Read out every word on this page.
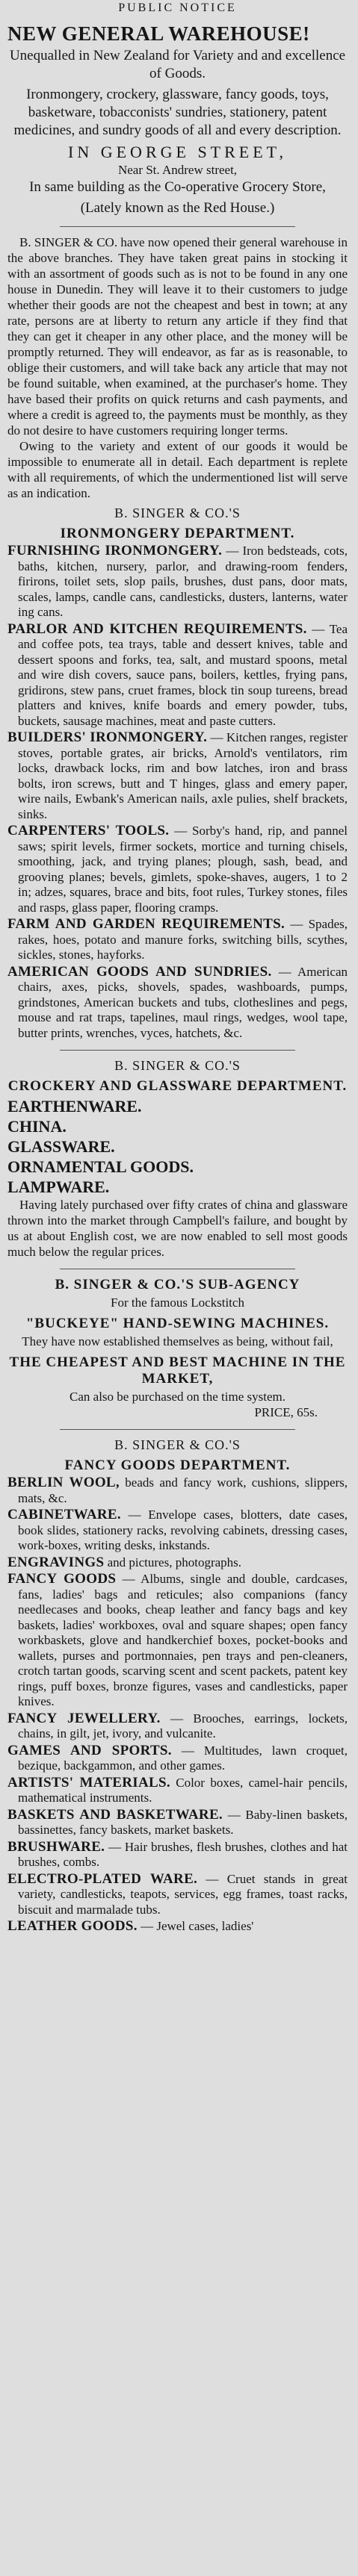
PUBLIC NOTICE
NEW GENERAL WAREHOUSE!

Unequalled in New Zealand for Variety and and excellence of Goods.

Ironmongery, crockery, glassware, fancy goods, toys, basketware, tobacconists' sundries, stationery, patent medicines, and sundry goods of all and every description.

IN GEORGE STREET,

Near St. Andrew street,

In same building as the Co-operative Grocery Store,

(Lately known as the Red House.)

B. SINGER & CO. have now opened their general warehouse in the above branches. They have taken great pains in stocking it with an assortment of goods such as is not to be found in any one house in Dunedin. They will leave it to their customers to judge whether their goods are not the cheapest and best in town; at any rate, persons are at liberty to return any article if they find that they can get it cheaper in any other place, and the money will be promptly returned. They will endeavor, as far as is reasonable, to oblige their customers, and will take back any article that may not be found suitable, when examined, at the purchaser's home. They have based their profits on quick returns and cash payments, and where a credit is agreed to, the payments must be monthly, as they do not desire to have customers requiring longer terms.

Owing to the variety and extent of our goods it would be impossible to enumerate all in detail. Each department is replete with all requirements, of which the undermentioned list will serve as an indication.

B. SINGER & CO.'S
IRONMONGERY DEPARTMENT.

FURNISHING IRONMONGERY. — Iron bedsteads, cots, baths, kitchen, nursery, parlor, and drawing-room fenders, firirons, toilet sets, slop pails, brushes, dust pans, door mats, scales, lamps, candle cans, candlesticks, dusters, lanterns, water ing cans.

PARLOR AND KITCHEN REQUIREMENTS. — Tea and coffee pots, tea trays, table and dessert knives, table and dessert spoons and forks, tea, salt, and mustard spoons, metal and wire dish covers, sauce pans, boilers, kettles, frying pans, gridirons, stew pans, cruet frames, block tin soup tureens, bread platters and knives, knife boards and emery powder, tubs, buckets, sausage machines, meat and paste cutters.

BUILDERS' IRONMONGERY. — Kitchen ranges, register stoves, portable grates, air bricks, Arnold's ventilators, rim locks, drawback locks, rim and bow latches, iron and brass bolts, iron screws, butt and T hinges, glass and emery paper, wire nails, Ewbank's American nails, axle pulies, shelf brackets, sinks.

CARPENTERS' TOOLS. — Sorby's hand, rip, and pannel saws; spirit levels, firmer sockets, mortice and turning chisels, smoothing, jack, and trying planes; plough, sash, bead, and grooving planes; bevels, gimlets, spoke-shaves, augers, 1 to 2 in; adzes, squares, brace and bits, foot rules, Turkey stones, files and rasps, glass paper, flooring cramps.

FARM AND GARDEN REQUIREMENTS. — Spades, rakes, hoes, potato and manure forks, switching bills, scythes, sickles, stones, hayforks.

AMERICAN GOODS AND SUNDRIES. — American chairs, axes, picks, shovels, spades, washboards, pumps, grindstones, American buckets and tubs, clotheslines and pegs, mouse and rat traps, tapelines, maul rings, wedges, wool tape, butter prints, wrenches, vyces, hatchets, &c.

B. SINGER & CO.'S
CROCKERY AND GLASSWARE DEPARTMENT.
EARTHENWARE.
CHINA.
GLASSWARE.
ORNAMENTAL GOODS.
LAMPWARE.

Having lately purchased over fifty crates of china and glassware thrown into the market through Campbell's failure, and bought by us at about English cost, we are now enabled to sell most goods much below the regular prices.

B. SINGER & CO.'S SUB-AGENCY

For the famous Lockstitch

"BUCKEYE" HAND-SEWING MACHINES.

They have now established themselves as being, without fail,

THE CHEAPEST AND BEST MACHINE IN THE MARKET,

Can also be purchased on the time system.

PRICE, 65s.
B. SINGER & CO.'S
FANCY GOODS DEPARTMENT.

BERLIN WOOL, beads and fancy work, cushions, slippers, mats, &c.

CABINETWARE. — Envelope cases, blotters, date cases, book slides, stationery racks, revolving cabinets, dressing cases, work-boxes, writing desks, inkstands.

ENGRAVINGS and pictures, photographs.

FANCY GOODS — Albums, single and double, cardcases, fans, ladies' bags and reticules; also companions (fancy needlecases and books, cheap leather and fancy bags and key baskets, ladies' workboxes, oval and square shapes; open fancy workbaskets, glove and handkerchief boxes, pocket-books and wallets, purses and portmonnaies, pen trays and pen-cleaners, crotch tartan goods, scarving scent and scent packets, patent key rings, puff boxes, bronze figures, vases and candlesticks, paper knives.

FANCY JEWELLERY. — Brooches, earrings, lockets, chains, in gilt, jet, ivory, and vulcanite.

GAMES AND SPORTS. — Multitudes, lawn croquet, bezique, backgammon, and other games.

ARTISTS' MATERIALS. Color boxes, camel-hair pencils, mathematical instruments.

BASKETS AND BASKETWARE. — Baby-linen baskets, bassinettes, fancy baskets, market baskets.

BRUSHWARE. — Hair brushes, flesh brushes, clothes and hat brushes, combs.

ELECTRO-PLATED WARE. — Cruet stands in great variety, candlesticks, teapots, services, egg frames, toast racks, biscuit and marmalade tubs.

LEATHER GOODS. — Jewel cases, ladies'
